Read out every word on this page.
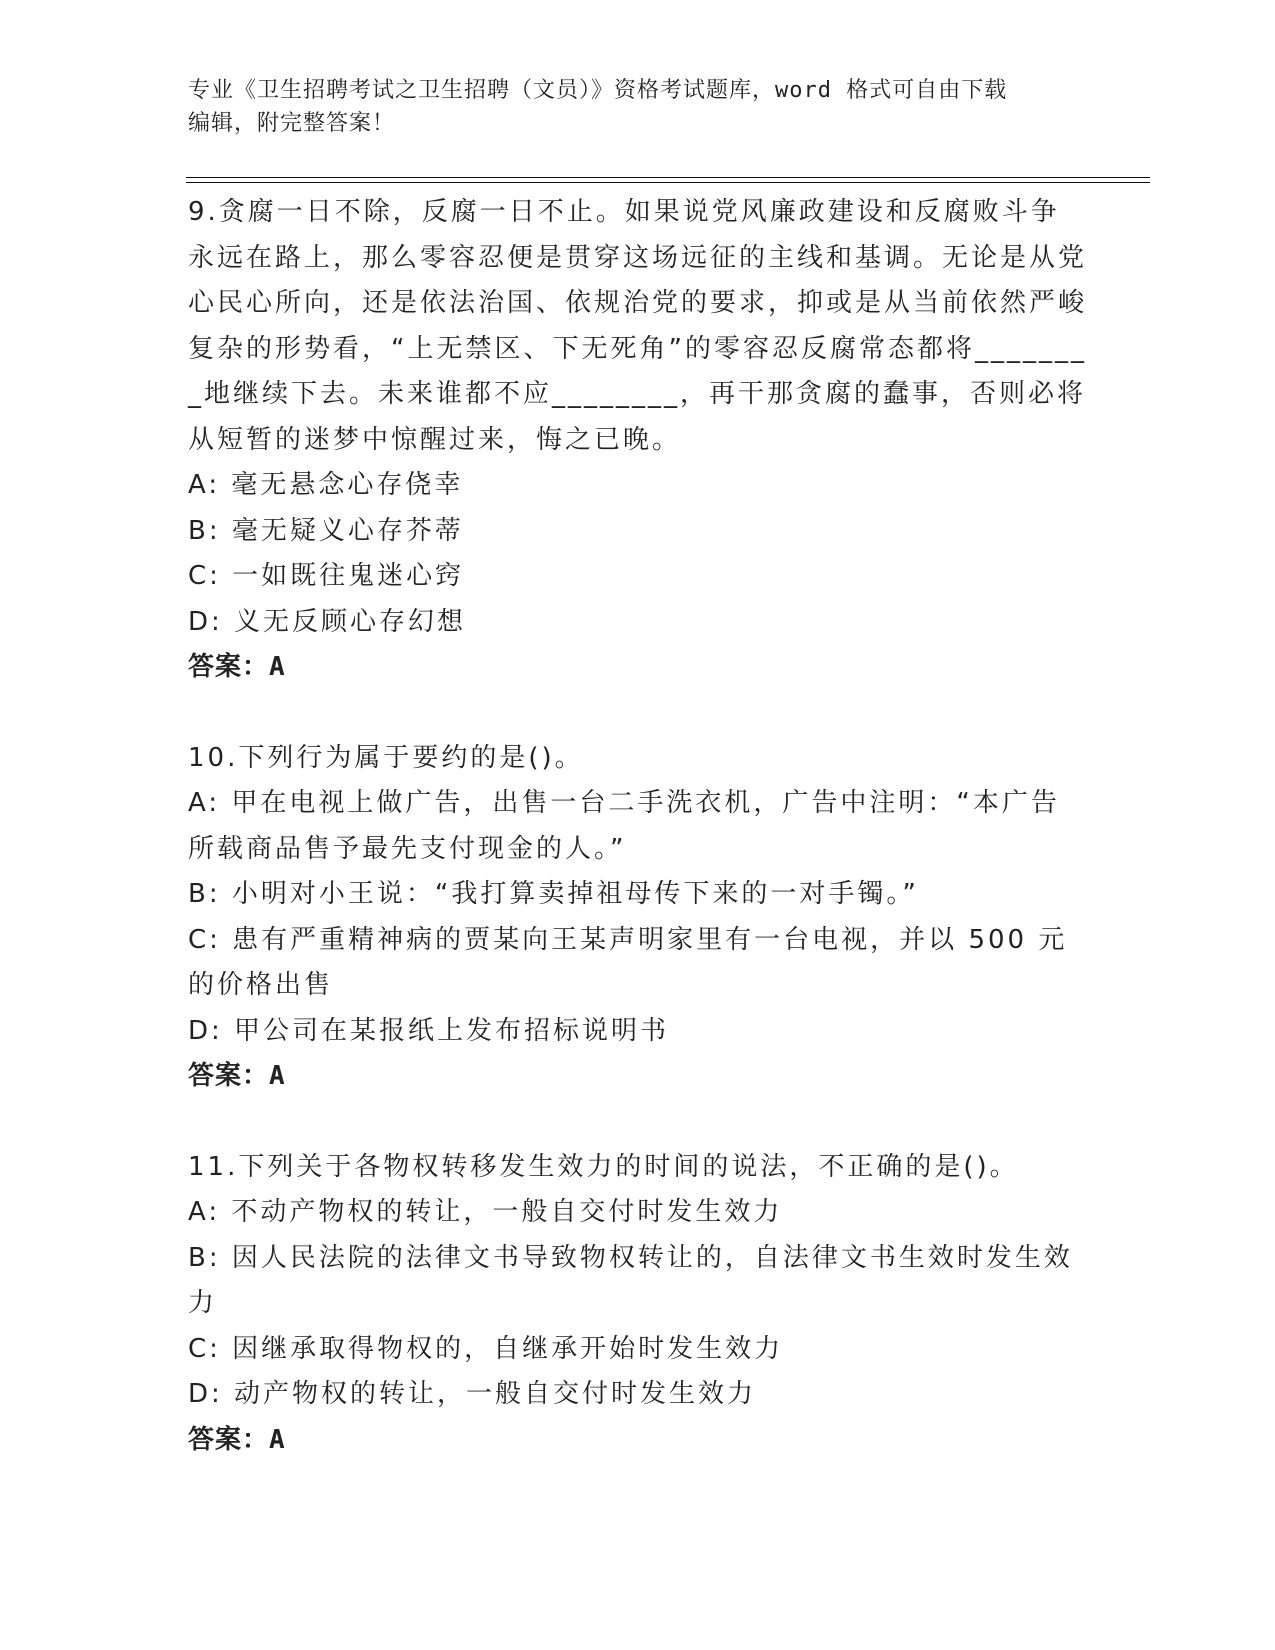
专业《卫生招聘考试之卫生招聘（文员）》资格考试题库，word 格式可自由下载
编辑，附完整答案！
9.贪腐一日不除，反腐一日不止。如果说党风廉政建设和反腐败斗争永远在路上，那么零容忍便是贯穿这场远征的主线和基调。无论是从党心民心所向，还是依法治国、依规治党的要求，抑或是从当前依然严峻复杂的形势看，“上无禁区、下无死角”的零容忍反腐常态都将________地继续下去。未来谁都不应________，再干那贪腐的蠢事，否则必将从短暂的迷梦中惊醒过来，悔之已晚。
A: 毫无悬念心存侥幸
B: 毫无疑义心存芥蒂
C: 一如既往鬼迷心窍
D: 义无反顾心存幻想
答案：A
10.下列行为属于要约的是()。
A: 甲在电视上做广告，出售一台二手洗衣机，广告中注明：“本广告所载商品售予最先支付现金的人。”
B: 小明对小王说：“我打算卖掉祖母传下来的一对手镯。”
C: 患有严重精神病的贾某向王某声明家里有一台电视，并以 500 元的价格出售
D: 甲公司在某报纸上发布招标说明书
答案：A
11.下列关于各物权转移发生效力的时间的说法，不正确的是()。
A: 不动产物权的转让，一般自交付时发生效力
B: 因人民法院的法律文书导致物权转让的，自法律文书生效时发生效力
C: 因继承取得物权的，自继承开始时发生效力
D: 动产物权的转让，一般自交付时发生效力
答案：A
